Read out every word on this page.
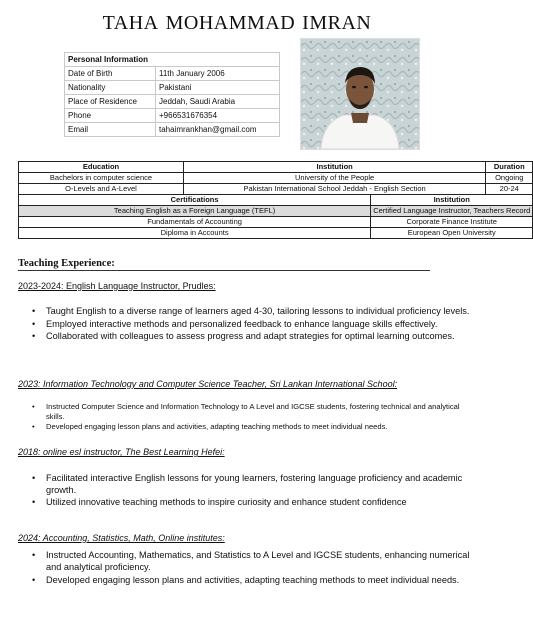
TAHA MOHAMMAD IMRAN
Personal Information	
Date of Birth	11th January 2006
Nationality	Pakistani
Place of Residence	Jeddah, Saudi Arabia
Phone	+966531676354
Email	tahaimrankhan@gmail.com
Education	Institution		Duration
Bachelors in computer science	University of the People		Ongoing
O-Levels and A-Level	Pakistan International School Jeddah - English Section		20-24
Certifications		Institution	
Teaching English as a Foreign Language (TEFL)		Certified Language Instructor, Teachers Record	
Fundamentals of Accounting		Corporate Finance Institute	
Diploma in Accounts		European Open University	
Teaching Experience:
2023-2024: English Language Instructor, Prudles:
• Taught English to a diverse range of learners aged 4-30, tailoring lessons to individual proficiency levels.
• Employed interactive methods and personalized feedback to enhance language skills effectively.
• Collaborated with colleagues to assess progress and adapt strategies for optimal learning outcomes.
2023: Information Technology and Computer Science Teacher, Sri Lankan International School:
• Instructed Computer Science and Information Technology to A Level and IGCSE students, fostering technical and analytical skills.
• Developed engaging lesson plans and activities, adapting teaching methods to meet individual needs.
2018: online esl instructor, The Best Learning Hefei:
• Facilitated interactive English lessons for young learners, fostering language proficiency and academic growth.
• Utilized innovative teaching methods to inspire curiosity and enhance student confidence
2024: Accounting, Statistics, Math, Online institutes:
• Instructed Accounting, Mathematics, and Statistics to A Level and IGCSE students, enhancing numerical and analytical proficiency.
• Developed engaging lesson plans and activities, adapting teaching methods to meet individual needs.
